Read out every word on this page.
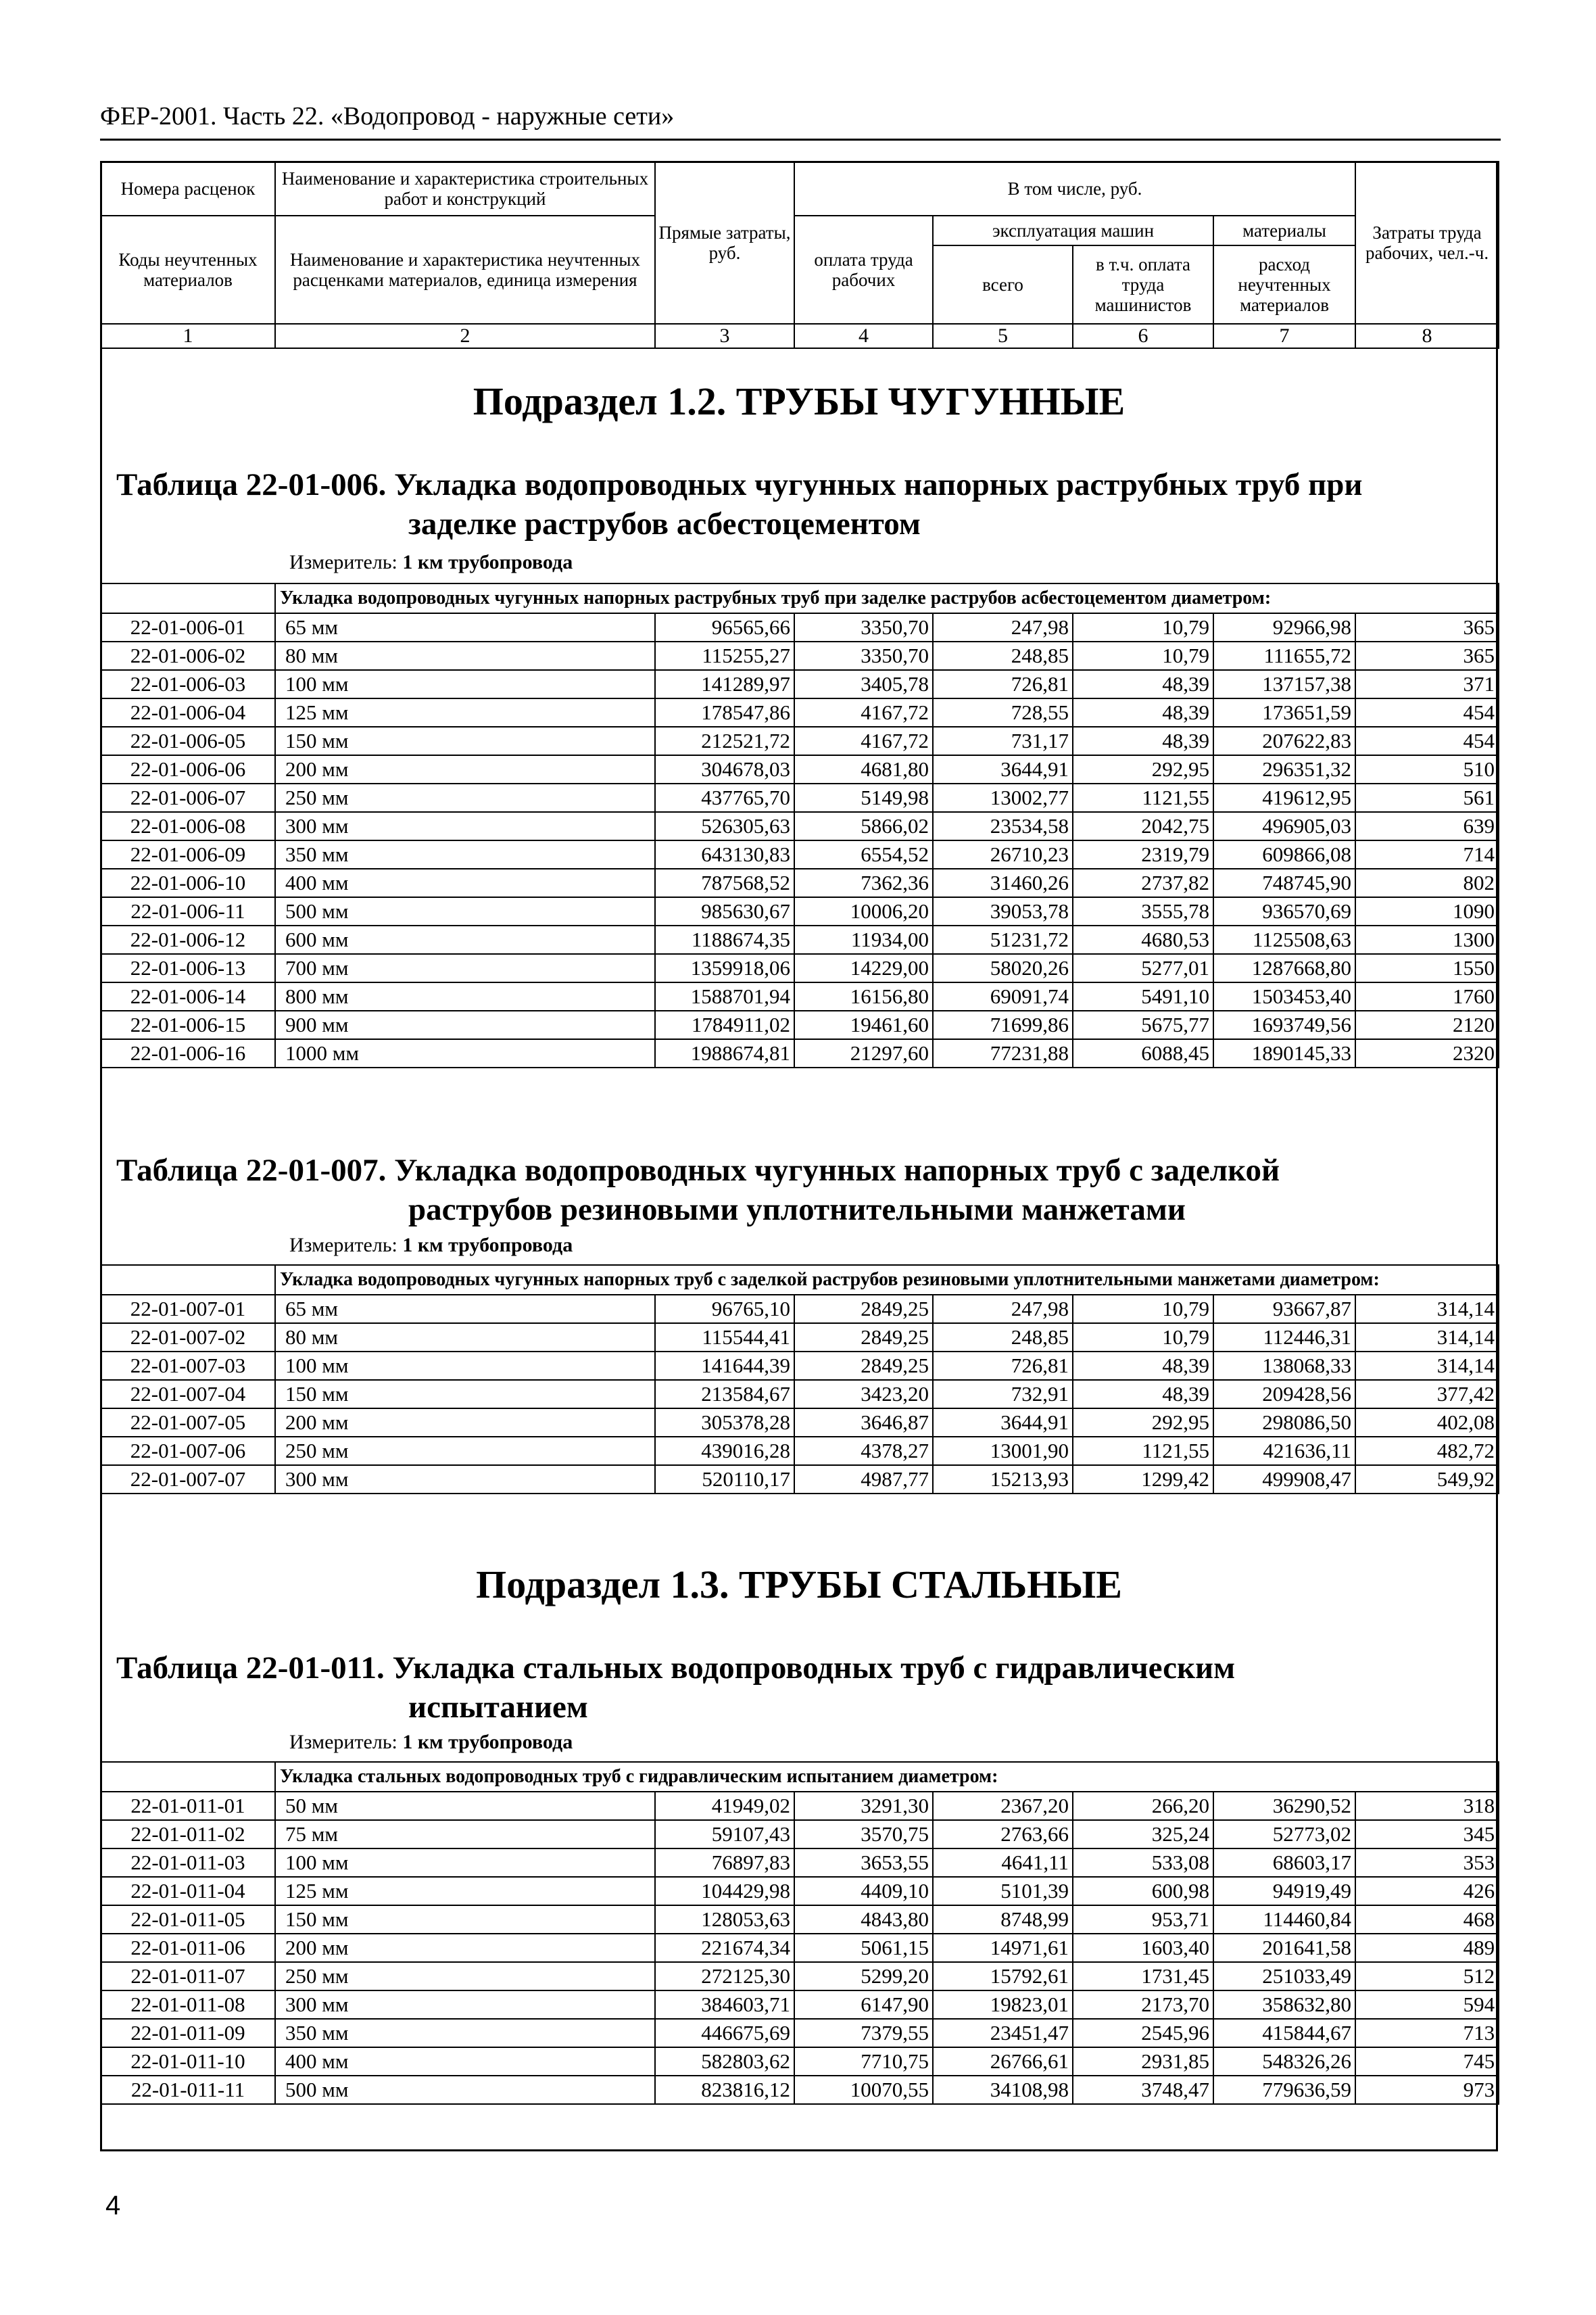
ФЕР-2001. Часть 22. «Водопровод - наружные сети»
Номера расценок	Наименование и характеристика строительных работ и конструкций	Прямые затраты, руб.	В том числе, руб.				Затраты труда рабочих, чел.-ч.
Коды неучтенных материалов	Наименование и характеристика неучтенных расценками материалов, единица измерения		оплата труда рабочих	эксплуатация машин		материалы	
				всего	в т.ч. оплата труда машинистов	расход неучтенных материалов	
1	2	3	4	5	6	7	8
Подраздел 1.2. ТРУБЫ ЧУГУННЫЕ
Таблица 22-01-006. Укладка водопроводных чугунных напорных раструбных труб при
заделке раструбов асбестоцементом
Измеритель: 1 км трубопровода
	Укладка водопроводных чугунных напорных раструбных труб при заделке раструбов асбестоцементом диаметром:						
22-01-006-01	65 мм	96565,66	3350,70	247,98	10,79	92966,98	365
22-01-006-02	80 мм	115255,27	3350,70	248,85	10,79	111655,72	365
22-01-006-03	100 мм	141289,97	3405,78	726,81	48,39	137157,38	371
22-01-006-04	125 мм	178547,86	4167,72	728,55	48,39	173651,59	454
22-01-006-05	150 мм	212521,72	4167,72	731,17	48,39	207622,83	454
22-01-006-06	200 мм	304678,03	4681,80	3644,91	292,95	296351,32	510
22-01-006-07	250 мм	437765,70	5149,98	13002,77	1121,55	419612,95	561
22-01-006-08	300 мм	526305,63	5866,02	23534,58	2042,75	496905,03	639
22-01-006-09	350 мм	643130,83	6554,52	26710,23	2319,79	609866,08	714
22-01-006-10	400 мм	787568,52	7362,36	31460,26	2737,82	748745,90	802
22-01-006-11	500 мм	985630,67	10006,20	39053,78	3555,78	936570,69	1090
22-01-006-12	600 мм	1188674,35	11934,00	51231,72	4680,53	1125508,63	1300
22-01-006-13	700 мм	1359918,06	14229,00	58020,26	5277,01	1287668,80	1550
22-01-006-14	800 мм	1588701,94	16156,80	69091,74	5491,10	1503453,40	1760
22-01-006-15	900 мм	1784911,02	19461,60	71699,86	5675,77	1693749,56	2120
22-01-006-16	1000 мм	1988674,81	21297,60	77231,88	6088,45	1890145,33	2320
Таблица 22-01-007. Укладка водопроводных чугунных напорных труб с заделкой
раструбов резиновыми уплотнительными манжетами
Измеритель: 1 км трубопровода
	Укладка водопроводных чугунных напорных труб с заделкой раструбов резиновыми уплотнительными манжетами диаметром:						
22-01-007-01	65 мм	96765,10	2849,25	247,98	10,79	93667,87	314,14
22-01-007-02	80 мм	115544,41	2849,25	248,85	10,79	112446,31	314,14
22-01-007-03	100 мм	141644,39	2849,25	726,81	48,39	138068,33	314,14
22-01-007-04	150 мм	213584,67	3423,20	732,91	48,39	209428,56	377,42
22-01-007-05	200 мм	305378,28	3646,87	3644,91	292,95	298086,50	402,08
22-01-007-06	250 мм	439016,28	4378,27	13001,90	1121,55	421636,11	482,72
22-01-007-07	300 мм	520110,17	4987,77	15213,93	1299,42	499908,47	549,92
Подраздел 1.3. ТРУБЫ СТАЛЬНЫЕ
Таблица 22-01-011. Укладка стальных водопроводных труб с гидравлическим
испытанием
Измеритель: 1 км трубопровода
	Укладка стальных водопроводных труб с гидравлическим испытанием диаметром:						
22-01-011-01	50 мм	41949,02	3291,30	2367,20	266,20	36290,52	318
22-01-011-02	75 мм	59107,43	3570,75	2763,66	325,24	52773,02	345
22-01-011-03	100 мм	76897,83	3653,55	4641,11	533,08	68603,17	353
22-01-011-04	125 мм	104429,98	4409,10	5101,39	600,98	94919,49	426
22-01-011-05	150 мм	128053,63	4843,80	8748,99	953,71	114460,84	468
22-01-011-06	200 мм	221674,34	5061,15	14971,61	1603,40	201641,58	489
22-01-011-07	250 мм	272125,30	5299,20	15792,61	1731,45	251033,49	512
22-01-011-08	300 мм	384603,71	6147,90	19823,01	2173,70	358632,80	594
22-01-011-09	350 мм	446675,69	7379,55	23451,47	2545,96	415844,67	713
22-01-011-10	400 мм	582803,62	7710,75	26766,61	2931,85	548326,26	745
22-01-011-11	500 мм	823816,12	10070,55	34108,98	3748,47	779636,59	973
4
